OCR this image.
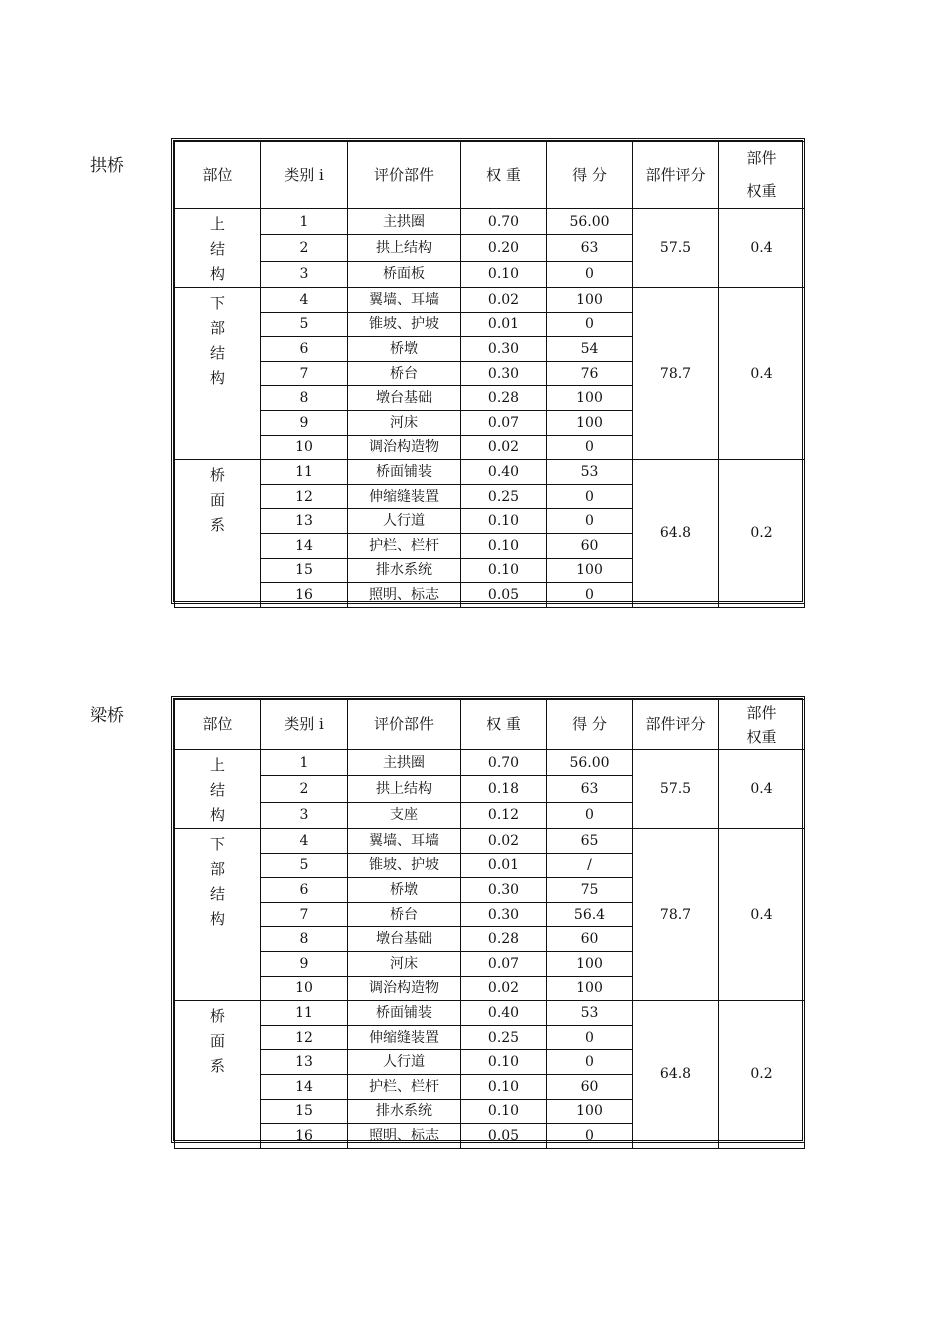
拱桥	部位	类别 i	评价部件	权 重	得 分	部件评分	部件
权重

上结构	1	主拱圈	0.70	56.00	57.5	0.4
	2	拱上结构	0.20	63		
	3	桥面板	0.10	0		
下部结构	4	翼墙、耳墙	0.02	100	78.7	0.4
	5	锥坡、护坡	0.01	0		
	6	桥墩	0.30	54		
	7	桥台	0.30	76		
	8	墩台基础	0.28	100		
	9	河床	0.07	100		
	10	调治构造物	0.02	0		
桥面系	11	桥面铺装	0.40	53	64.8	0.2
	12	伸缩缝装置	0.25	0		
	13	人行道	0.10	0		
	14	护栏、栏杆	0.10	60		
	15	排水系统	0.10	100		
	16	照明、标志	0.05	0		
梁桥	部位	类别 i	评价部件	权 重	得 分	部件评分	部件
权重

上结构	1	主拱圈	0.70	56.00	57.5	0.4
	2	拱上结构	0.18	63		
	3	支座	0.12	0		
下部结构	4	翼墙、耳墙	0.02	65	78.7	0.4
	5	锥坡、护坡	0.01	/		
	6	桥墩	0.30	75		
	7	桥台	0.30	56.4		
	8	墩台基础	0.28	60		
	9	河床	0.07	100		
	10	调治构造物	0.02	100		
桥面系	11	桥面铺装	0.40	53	64.8	0.2
	12	伸缩缝装置	0.25	0		
	13	人行道	0.10	0		
	14	护栏、栏杆	0.10	60		
	15	排水系统	0.10	100		
	16	照明、标志	0.05	0		
